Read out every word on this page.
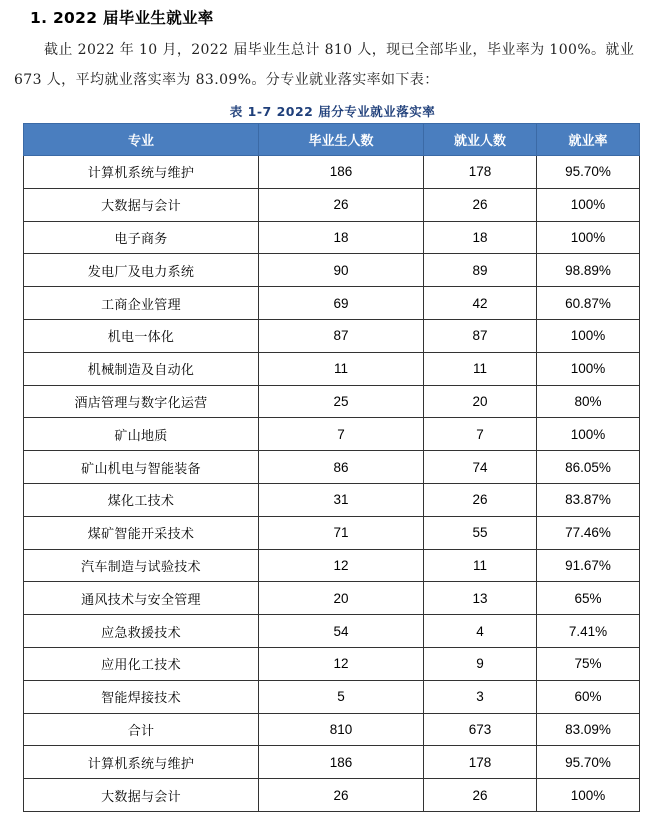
1. 2022 届毕业生就业率
截止 2022 年 10 月，2022 届毕业生总计 810 人，现已全部毕业，毕业率为 100%。就业 673 人，平均就业落实率为 83.09%。分专业就业落实率如下表：
表 1-7 2022 届分专业就业落实率
专业	毕业生人数	就业人数	就业率
计算机系统与维护	186	178	95.70%
大数据与会计	26	26	100%
电子商务	18	18	100%
发电厂及电力系统	90	89	98.89%
工商企业管理	69	42	60.87%
机电一体化	87	87	100%
机械制造及自动化	11	11	100%
酒店管理与数字化运营	25	20	80%
矿山地质	7	7	100%
矿山机电与智能装备	86	74	86.05%
煤化工技术	31	26	83.87%
煤矿智能开采技术	71	55	77.46%
汽车制造与试验技术	12	11	91.67%
通风技术与安全管理	20	13	65%
应急救援技术	54	4	7.41%
应用化工技术	12	9	75%
智能焊接技术	5	3	60%
合计	810	673	83.09%
计算机系统与维护	186	178	95.70%
大数据与会计	26	26	100%
